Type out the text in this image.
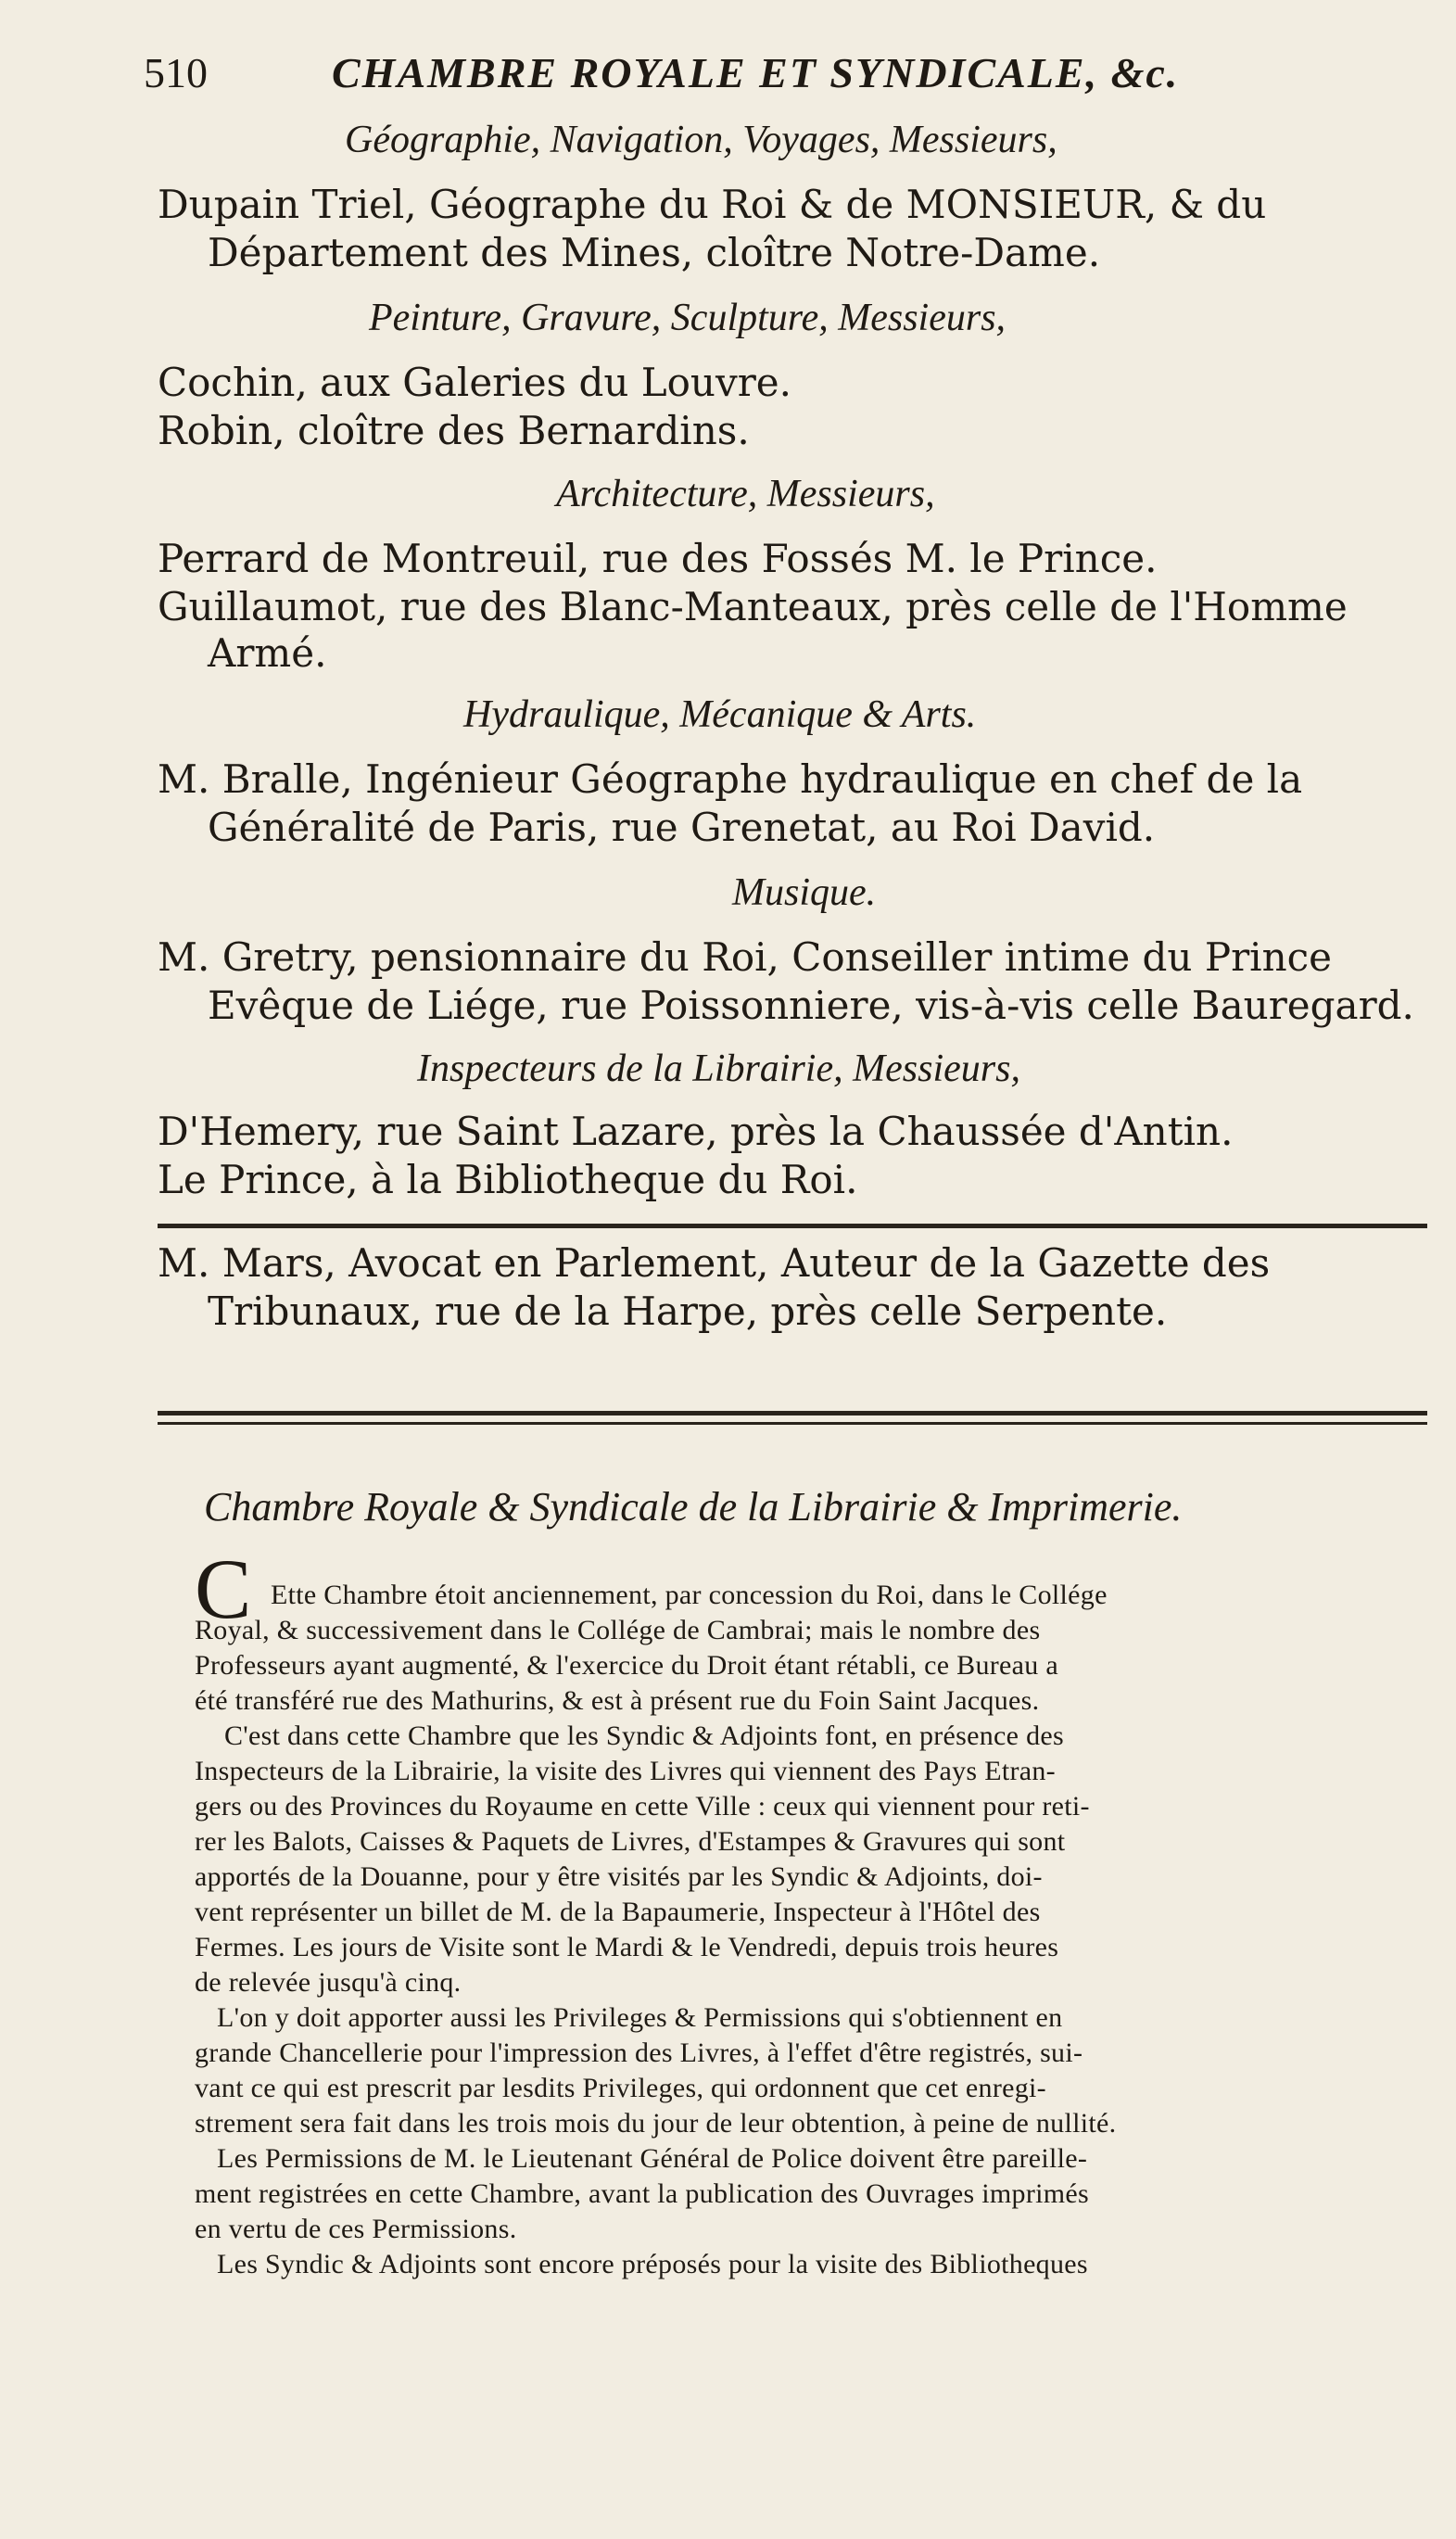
510	CHAMBRE ROYALE ET SYNDICALE, &c.
Géographie, Navigation, Voyages, Messieurs,
Dupain Triel, Géographe du Roi & de MONSIEUR, & du
Département des Mines, cloître Notre-Dame.
Peinture, Gravure, Sculpture, Messieurs,
Cochin, aux Galeries du Louvre.
Robin, cloître des Bernardins.
Architecture, Messieurs,
Perrard de Montreuil, rue des Fossés M. le Prince.
Guillaumot, rue des Blanc-Manteaux, près celle de l'Homme
Armé.
Hydraulique, Mécanique & Arts.
M. Bralle, Ingénieur Géographe hydraulique en chef de la
Généralité de Paris, rue Grenetat, au Roi David.
Musique.
M. Gretry, pensionnaire du Roi, Conseiller intime du Prince
Evêque de Liége, rue Poissonniere, vis-à-vis celle Bauregard.
Inspecteurs de la Librairie, Messieurs,
D'Hemery, rue Saint Lazare, près la Chaussée d'Antin.
Le Prince, à la Bibliotheque du Roi.
M. Mars, Avocat en Parlement, Auteur de la Gazette des
Tribunaux, rue de la Harpe, près celle Serpente.
Chambre Royale & Syndicale de la Librairie & Imprimerie.
C Ette Chambre étoit anciennement, par concession du Roi, dans le Collége
Royal, & successivement dans le Collége de Cambrai; mais le nombre des
Professeurs ayant augmenté, & l'exercice du Droit étant rétabli, ce Bureau a
été transféré rue des Mathurins, & est à présent rue du Foin Saint Jacques.
C'est dans cette Chambre que les Syndic & Adjoints font, en présence des
Inspecteurs de la Librairie, la visite des Livres qui viennent des Pays Etran-
gers ou des Provinces du Royaume en cette Ville : ceux qui viennent pour reti-
rer les Balots, Caisses & Paquets de Livres, d'Estampes & Gravures qui sont
apportés de la Douanne, pour y être visités par les Syndic & Adjoints, doi-
vent représenter un billet de M. de la Bapaumerie, Inspecteur à l'Hôtel des
Fermes. Les jours de Visite sont le Mardi & le Vendredi, depuis trois heures
de relevée jusqu'à cinq.
L'on y doit apporter aussi les Privileges & Permissions qui s'obtiennent en
grande Chancellerie pour l'impression des Livres, à l'effet d'être registrés, sui-
vant ce qui est prescrit par lesdits Privileges, qui ordonnent que cet enregi-
strement sera fait dans les trois mois du jour de leur obtention, à peine de nullité.
Les Permissions de M. le Lieutenant Général de Police doivent être pareille-
ment registrées en cette Chambre, avant la publication des Ouvrages imprimés
en vertu de ces Permissions.
Les Syndic & Adjoints sont encore préposés pour la visite des Bibliotheques
